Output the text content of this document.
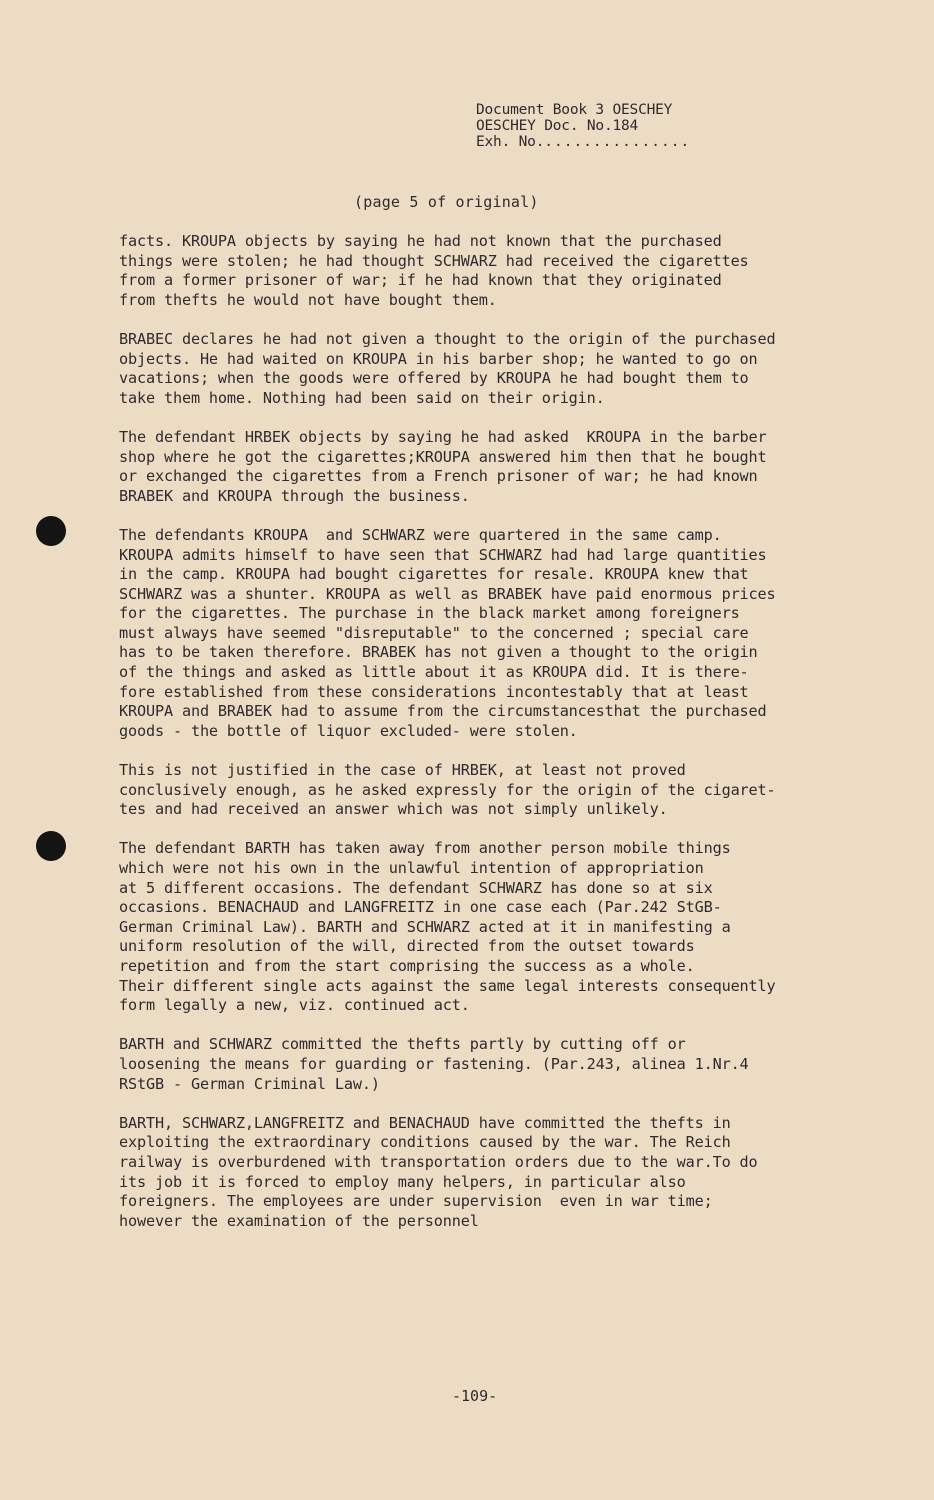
Document Book 3 OESCHEY
OESCHEY Doc. No.184
Exh. No................
(page 5 of original)
facts. KROUPA objects by saying he had not known that the purchased
things were stolen; he had thought SCHWARZ had received the cigarettes
from a former prisoner of war; if he had known that they originated
from thefts he would not have bought them.
BRABEC declares he had not given a thought to the origin of the purchased
objects. He had waited on KROUPA in his barber shop; he wanted to go on
vacations; when the goods were offered by KROUPA he had bought them to
take them home. Nothing had been said on their origin.
The defendant HRBEK objects by saying he had asked  KROUPA in the barber
shop where he got the cigarettes;KROUPA answered him then that he bought
or exchanged the cigarettes from a French prisoner of war; he had known
BRABEK and KROUPA through the business.
The defendants KROUPA  and SCHWARZ were quartered in the same camp.
KROUPA admits himself to have seen that SCHWARZ had had large quantities
in the camp. KROUPA had bought cigarettes for resale. KROUPA knew that
SCHWARZ was a shunter. KROUPA as well as BRABEK have paid enormous prices
for the cigarettes. The purchase in the black market among foreigners
must always have seemed "disreputable" to the concerned ; special care
has to be taken therefore. BRABEK has not given a thought to the origin
of the things and asked as little about it as KROUPA did. It is there-
fore established from these considerations incontestably that at least
KROUPA and BRABEK had to assume from the circumstancesthat the purchased
goods - the bottle of liquor excluded- were stolen.
This is not justified in the case of HRBEK, at least not proved
conclusively enough, as he asked expressly for the origin of the cigaret-
tes and had received an answer which was not simply unlikely.
The defendant BARTH has taken away from another person mobile things
which were not his own in the unlawful intention of appropriation
at 5 different occasions. The defendant SCHWARZ has done so at six
occasions. BENACHAUD and LANGFREITZ in one case each (Par.242 StGB-
German Criminal Law). BARTH and SCHWARZ acted at it in manifesting a
uniform resolution of the will, directed from the outset towards
repetition and from the start comprising the success as a whole.
Their different single acts against the same legal interests consequently
form legally a new, viz. continued act.
BARTH and SCHWARZ committed the thefts partly by cutting off or
loosening the means for guarding or fastening. (Par.243, alinea 1.Nr.4
RStGB - German Criminal Law.)
BARTH, SCHWARZ,LANGFREITZ and BENACHAUD have committed the thefts in
exploiting the extraordinary conditions caused by the war. The Reich
railway is overburdened with transportation orders due to the war.To do
its job it is forced to employ many helpers, in particular also
foreigners. The employees are under supervision  even in war time;
however the examination of the personnel
-109-
